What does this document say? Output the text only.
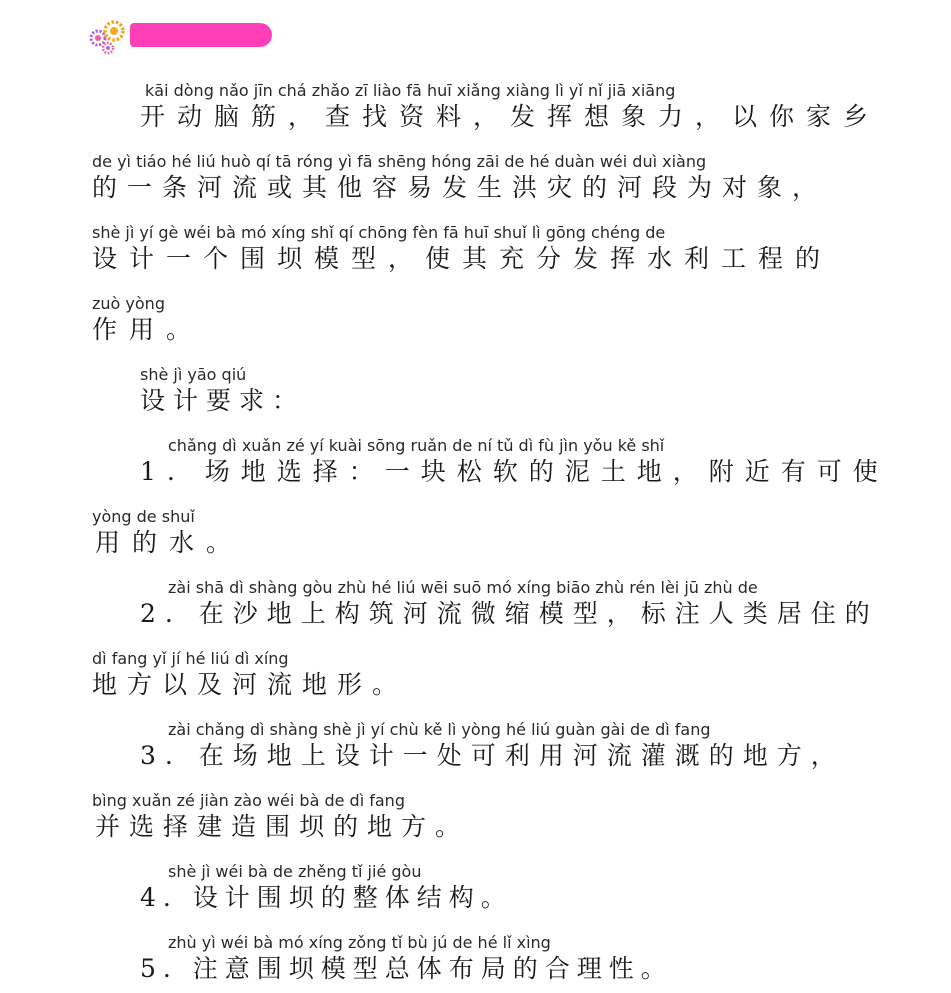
kāi dòng nǎo jīn chá zhǎo zī liào fā huī xiǎng xiàng lì yǐ nǐ jiā xiāng
开动脑筋，查找资料，发挥想象力，以你家乡
de yì tiáo hé liú huò qí tā róng yì fā shēng hóng zāi de hé duàn wéi duì xiàng
的一条河流或其他容易发生洪灾的河段为对象，
shè jì yí gè wéi bà mó xíng shǐ qí chōng fèn fā huī shuǐ lì gōng chéng de
设计一个围坝模型，使其充分发挥水利工程的
zuò yòng
作用。
shè jì yāo qiú
设计要求：
chǎng dì xuǎn zé yí kuài sōng ruǎn de ní tǔ dì fù jìn yǒu kě shǐ
1. 场地选择：一块松软的泥土地，附近有可使
yòng de shuǐ
用的水。
zài shā dì shàng gòu zhù hé liú wēi suō mó xíng biāo zhù rén lèi jū zhù de
2. 在沙地上构筑河流微缩模型，标注人类居住的
dì fang yǐ jí hé liú dì xíng
地方以及河流地形。
zài chǎng dì shàng shè jì yí chù kě lì yòng hé liú guàn gài de dì fang
3. 在场地上设计一处可利用河流灌溉的地方，
bìng xuǎn zé jiàn zào wéi bà de dì fang
并选择建造围坝的地方。
shè jì wéi bà de zhěng tǐ jié gòu
4. 设计围坝的整体结构。
zhù yì wéi bà mó xíng zǒng tǐ bù jú de hé lǐ xìng
5. 注意围坝模型总体布局的合理性。
